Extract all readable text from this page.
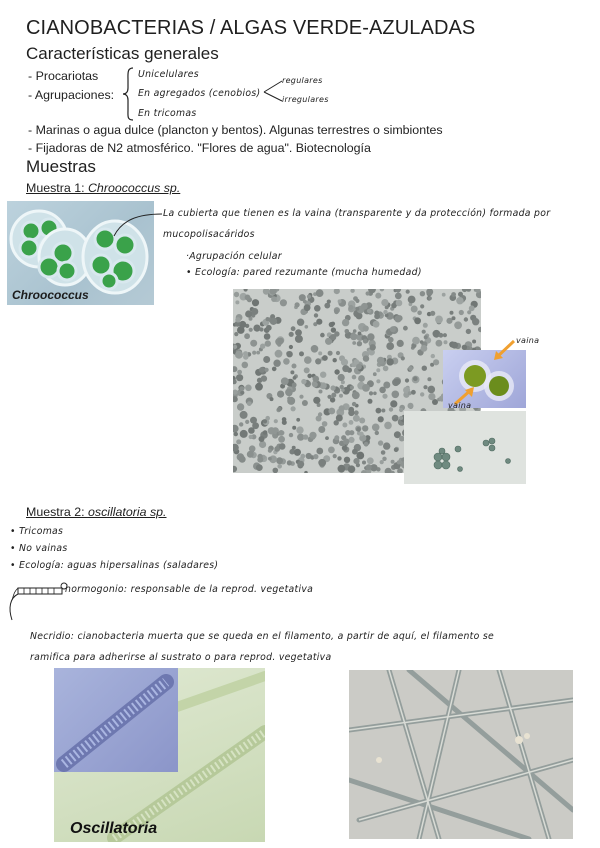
CIANOBACTERIAS / ALGAS VERDE-AZULADAS
Características generales
- Procariotas
- Agrupaciones:
Unicelulares
En agregados (cenobios)
En tricomas
regulares
irregulares
- Marinas o agua dulce (plancton y bentos). Algunas terrestres o simbiontes
- Fijadoras de N2 atmosférico. "Flores de agua". Biotecnología
Muestras
Muestra 1: Chroococcus sp.
Chroococcus
La cubierta que tienen es la vaina (transparente y da protección) formada por
mucopolisacáridos
·Agrupación celular
• Ecología: pared rezumante (mucha humedad)
vaina
vaina
Muestra 2: oscillatoria sp.
• Tricomas
• No vainas
• Ecología: aguas hipersalinas (saladares)
hormogonio: responsable de la reprod. vegetativa
Necridio: cianobacteria muerta que se queda en el filamento, a partir de aquí, el filamento se
ramifica para adherirse al sustrato o para reprod. vegetativa
Oscillatoria
